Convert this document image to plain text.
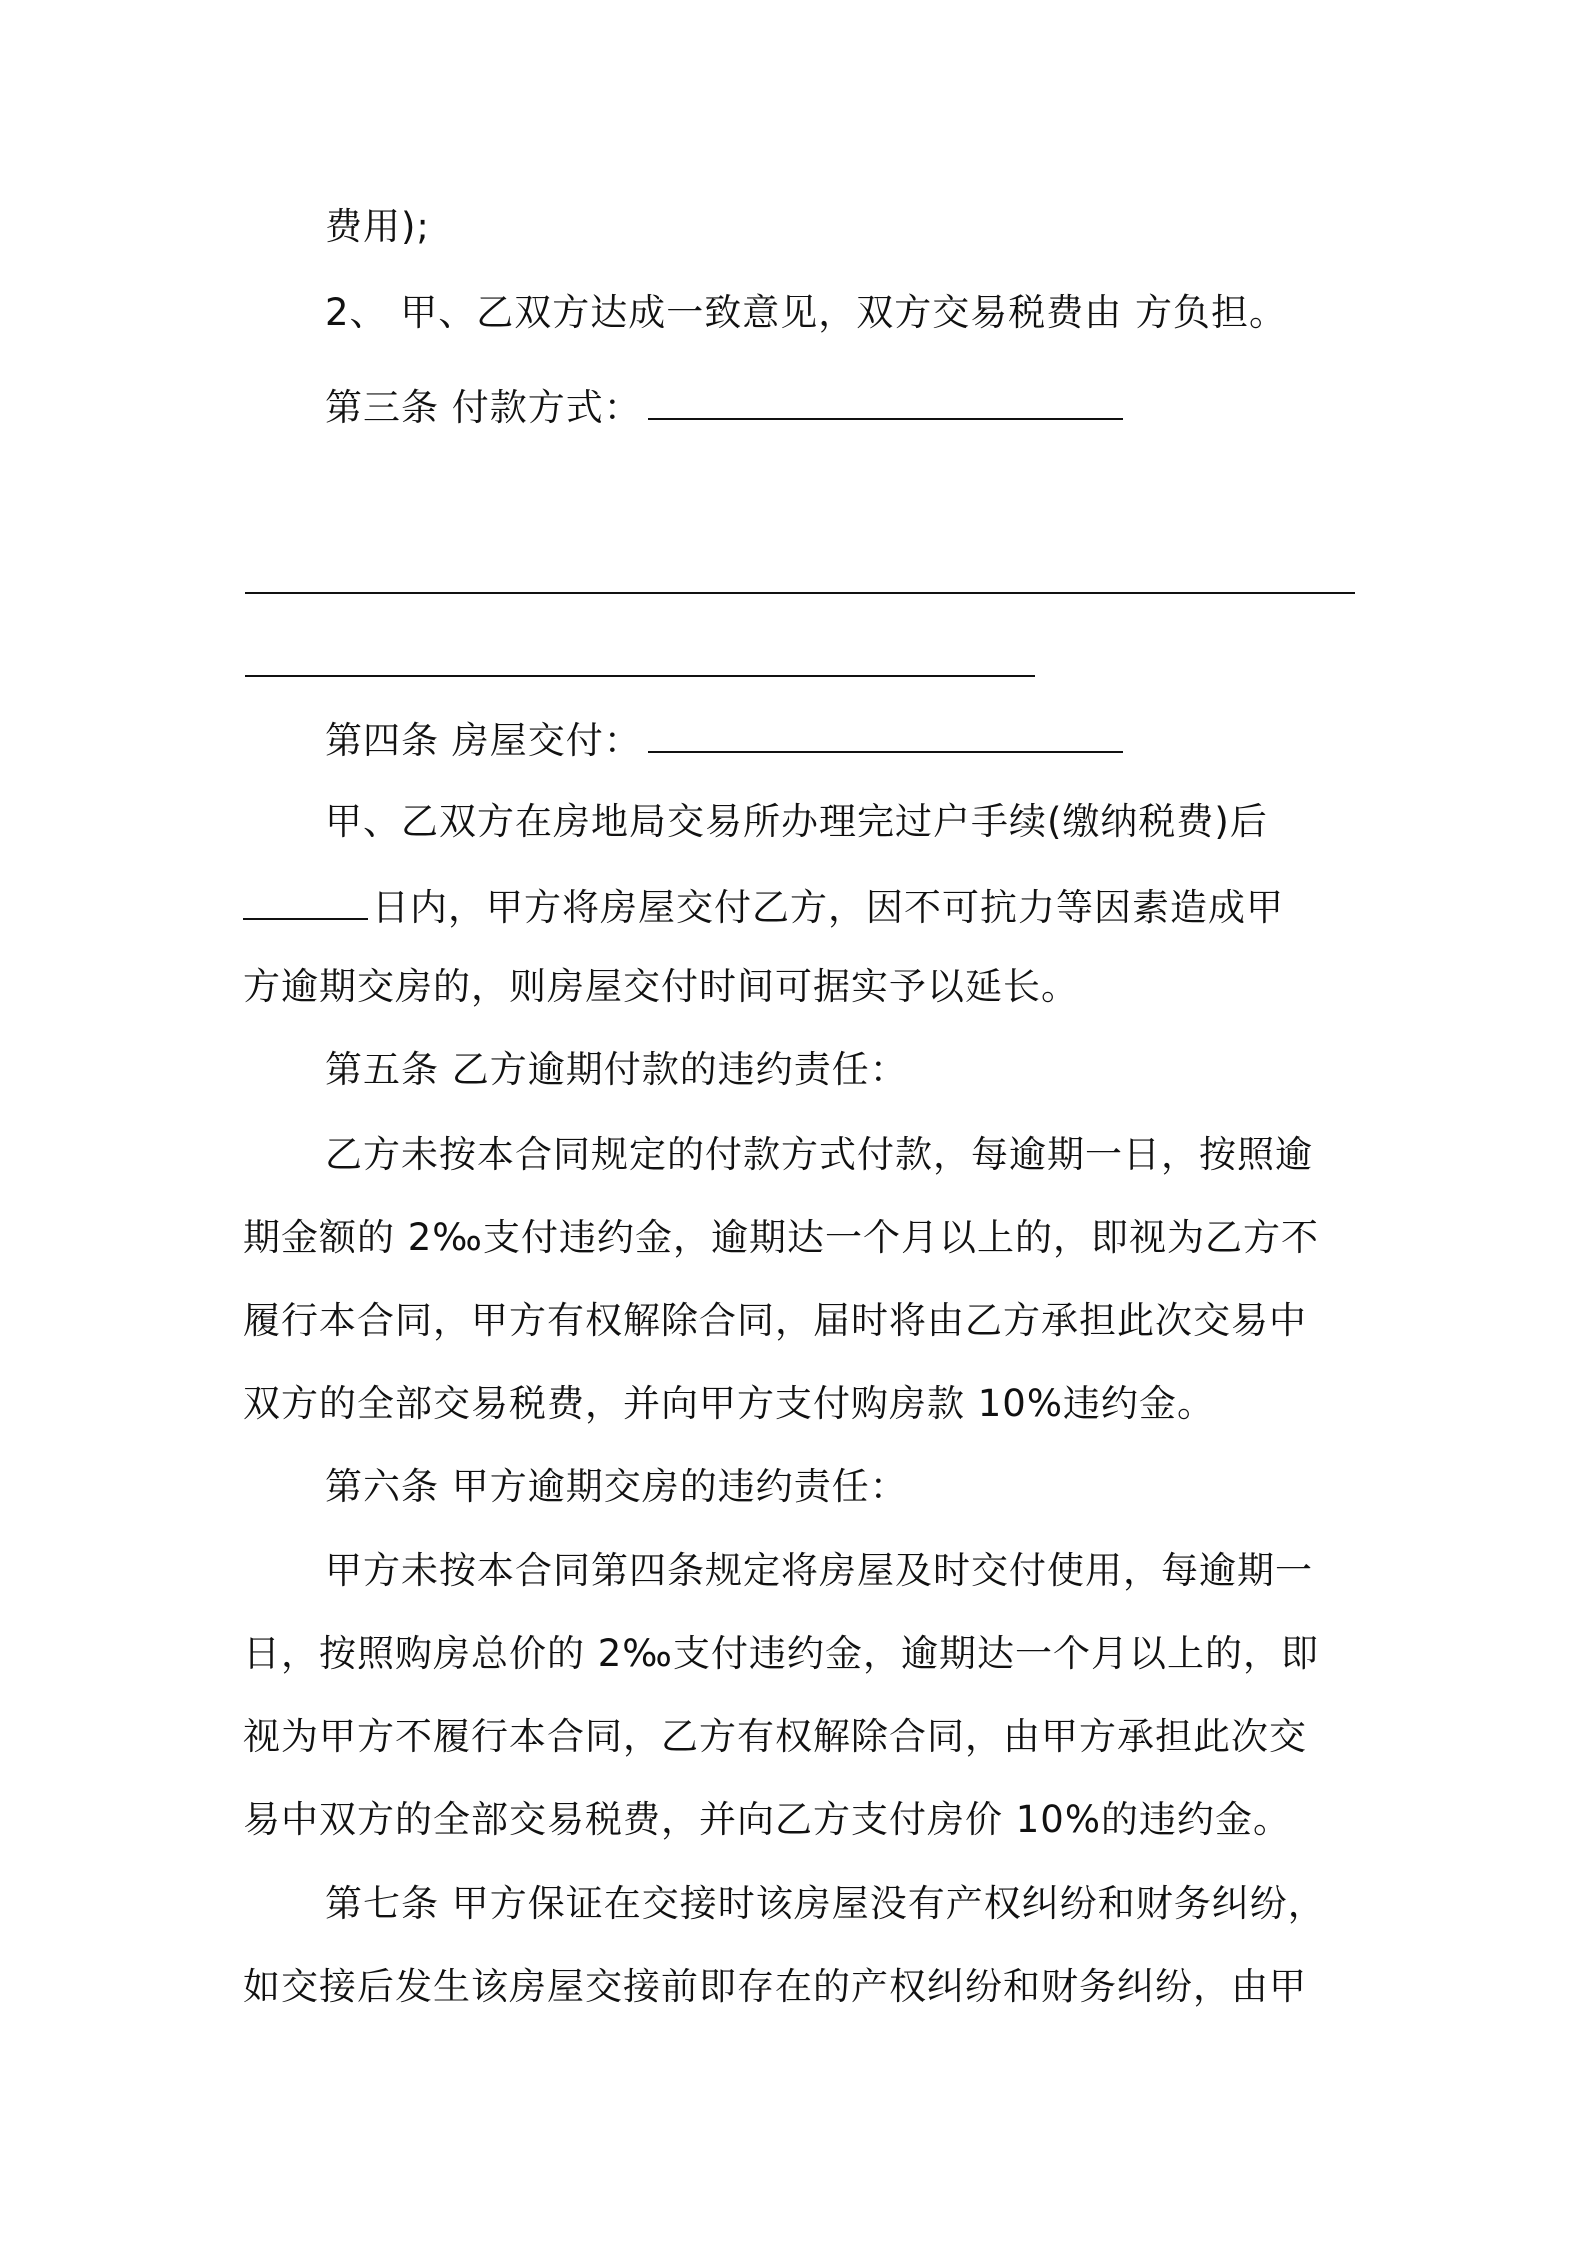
费用);
2、 甲、乙双方达成一致意见，双方交易税费由 方负担。
第三条 付款方式：
第四条 房屋交付：
甲、乙双方在房地局交易所办理完过户手续(缴纳税费)后
日内，甲方将房屋交付乙方，因不可抗力等因素造成甲
方逾期交房的，则房屋交付时间可据实予以延长。
第五条 乙方逾期付款的违约责任：
乙方未按本合同规定的付款方式付款，每逾期一日，按照逾
期金额的 2‰支付违约金，逾期达一个月以上的，即视为乙方不
履行本合同，甲方有权解除合同，届时将由乙方承担此次交易中
双方的全部交易税费，并向甲方支付购房款 10%违约金。
第六条 甲方逾期交房的违约责任：
甲方未按本合同第四条规定将房屋及时交付使用，每逾期一
日，按照购房总价的 2‰支付违约金，逾期达一个月以上的，即
视为甲方不履行本合同，乙方有权解除合同，由甲方承担此次交
易中双方的全部交易税费，并向乙方支付房价 10%的违约金。
第七条 甲方保证在交接时该房屋没有产权纠纷和财务纠纷，
如交接后发生该房屋交接前即存在的产权纠纷和财务纠纷，由甲
